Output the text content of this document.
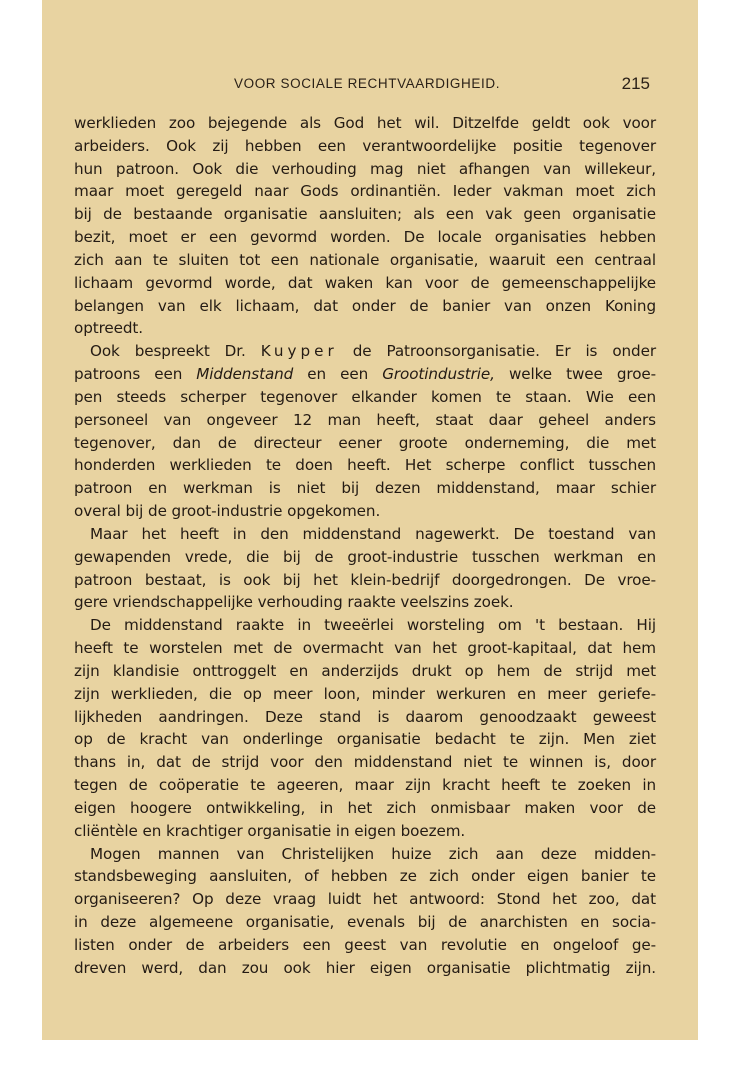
VOOR SOCIALE RECHTVAARDIGHEID.	215
werklieden zoo bejegende als God het wil. Ditzelfde geldt ook voor
arbeiders. Ook zij hebben een verantwoordelijke positie tegenover
hun patroon. Ook die verhouding mag niet afhangen van willekeur,
maar moet geregeld naar Gods ordinantiën. Ieder vakman moet zich
bij de bestaande organisatie aansluiten; als een vak geen organisatie
bezit, moet er een gevormd worden. De locale organisaties hebben
zich aan te sluiten tot een nationale organisatie, waaruit een centraal
lichaam gevormd worde, dat waken kan voor de gemeenschappelijke
belangen van elk lichaam, dat onder de banier van onzen Koning
optreedt.
Ook bespreekt Dr. Kuyper de Patroonsorganisatie. Er is onder
patroons een Middenstand en een Grootindustrie, welke twee groe-
pen steeds scherper tegenover elkander komen te staan. Wie een
personeel van ongeveer 12 man heeft, staat daar geheel anders
tegenover, dan de directeur eener groote onderneming, die met
honderden werklieden te doen heeft. Het scherpe conflict tusschen
patroon en werkman is niet bij dezen middenstand, maar schier
overal bij de groot-industrie opgekomen.
Maar het heeft in den middenstand nagewerkt. De toestand van
gewapenden vrede, die bij de groot-industrie tusschen werkman en
patroon bestaat, is ook bij het klein-bedrijf doorgedrongen. De vroe-
gere vriendschappelijke verhouding raakte veelszins zoek.
De middenstand raakte in tweeërlei worsteling om 't bestaan. Hij
heeft te worstelen met de overmacht van het groot-kapitaal, dat hem
zijn klandisie onttroggelt en anderzijds drukt op hem de strijd met
zijn werklieden, die op meer loon, minder werkuren en meer geriefe-
lijkheden aandringen. Deze stand is daarom genoodzaakt geweest
op de kracht van onderlinge organisatie bedacht te zijn. Men ziet
thans in, dat de strijd voor den middenstand niet te winnen is, door
tegen de coöperatie te ageeren, maar zijn kracht heeft te zoeken in
eigen hoogere ontwikkeling, in het zich onmisbaar maken voor de
cliëntèle en krachtiger organisatie in eigen boezem.
Mogen mannen van Christelijken huize zich aan deze midden-
standsbeweging aansluiten, of hebben ze zich onder eigen banier te
organiseeren? Op deze vraag luidt het antwoord: Stond het zoo, dat
in deze algemeene organisatie, evenals bij de anarchisten en socia-
listen onder de arbeiders een geest van revolutie en ongeloof ge-
dreven werd, dan zou ook hier eigen organisatie plichtmatig zijn.
